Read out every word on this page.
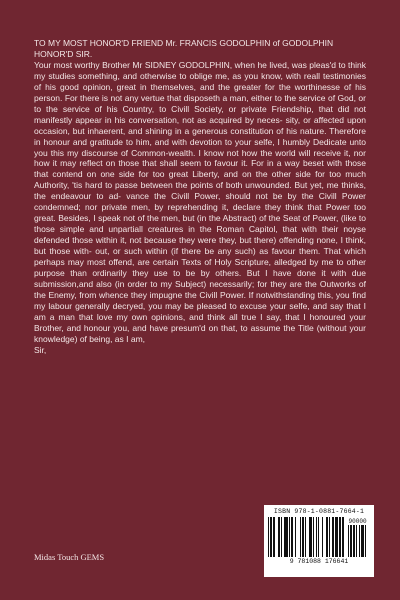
TO MY MOST HONOR'D FRIEND Mr. FRANCIS GODOLPHIN of GODOLPHIN
HONOR'D SIR.
Your most worthy Brother Mr SIDNEY GODOLPHIN, when he lived, was pleas'd to think my studies something, and otherwise to oblige me, as you know, with reall testimonies of his good opinion, great in themselves, and the greater for the worthinesse of his person. For there is not any vertue that disposeth a man, either to the service of God, or to the service of his Country, to Civill Society, or private Friendship, that did not manifestly appear in his conversation, not as acquired by neces- sity, or affected upon occasion, but inhaerent, and shining in a generous constitution of his nature. Therefore in honour and gratitude to him, and with devotion to your selfe, I humbly Dedicate unto you this my discourse of Common-wealth. I know not how the world will receive it, nor how it may reflect on those that shall seem to favour it. For in a way beset with those that contend on one side for too great Liberty, and on the other side for too much Authority, 'tis hard to passe between the points of both unwounded. But yet, me thinks, the endeavour to ad- vance the Civill Power, should not be by the Civill Power condemned; nor private men, by reprehending it, declare they think that Power too great. Besides, I speak not of the men, but (in the Abstract) of the Seat of Power, (like to those simple and unpartiall creatures in the Roman Capitol, that with their noyse defended those within it, not because they were they, but there) offending none, I think, but those with- out, or such within (if there be any such) as favour them. That which perhaps may most offend, are certain Texts of Holy Scripture, alledged by me to other purpose than ordinarily they use to be by others. But I have done it with due submission,and also (in order to my Subject) necessarily; for they are the Outworks of the Enemy, from whence they impugne the Civill Power. If notwithstanding this, you find my labour generally decryed, you may be pleased to excuse your selfe, and say that I am a man that love my own opinions, and think all true I say, that I honoured your Brother, and honour you, and have presum'd on that, to assume the Title (without your knowledge) of being, as I am,
Sir,
ISBN 978-1-0881-7664-1
90000
9 781088 176641
Midas Touch GEMS
